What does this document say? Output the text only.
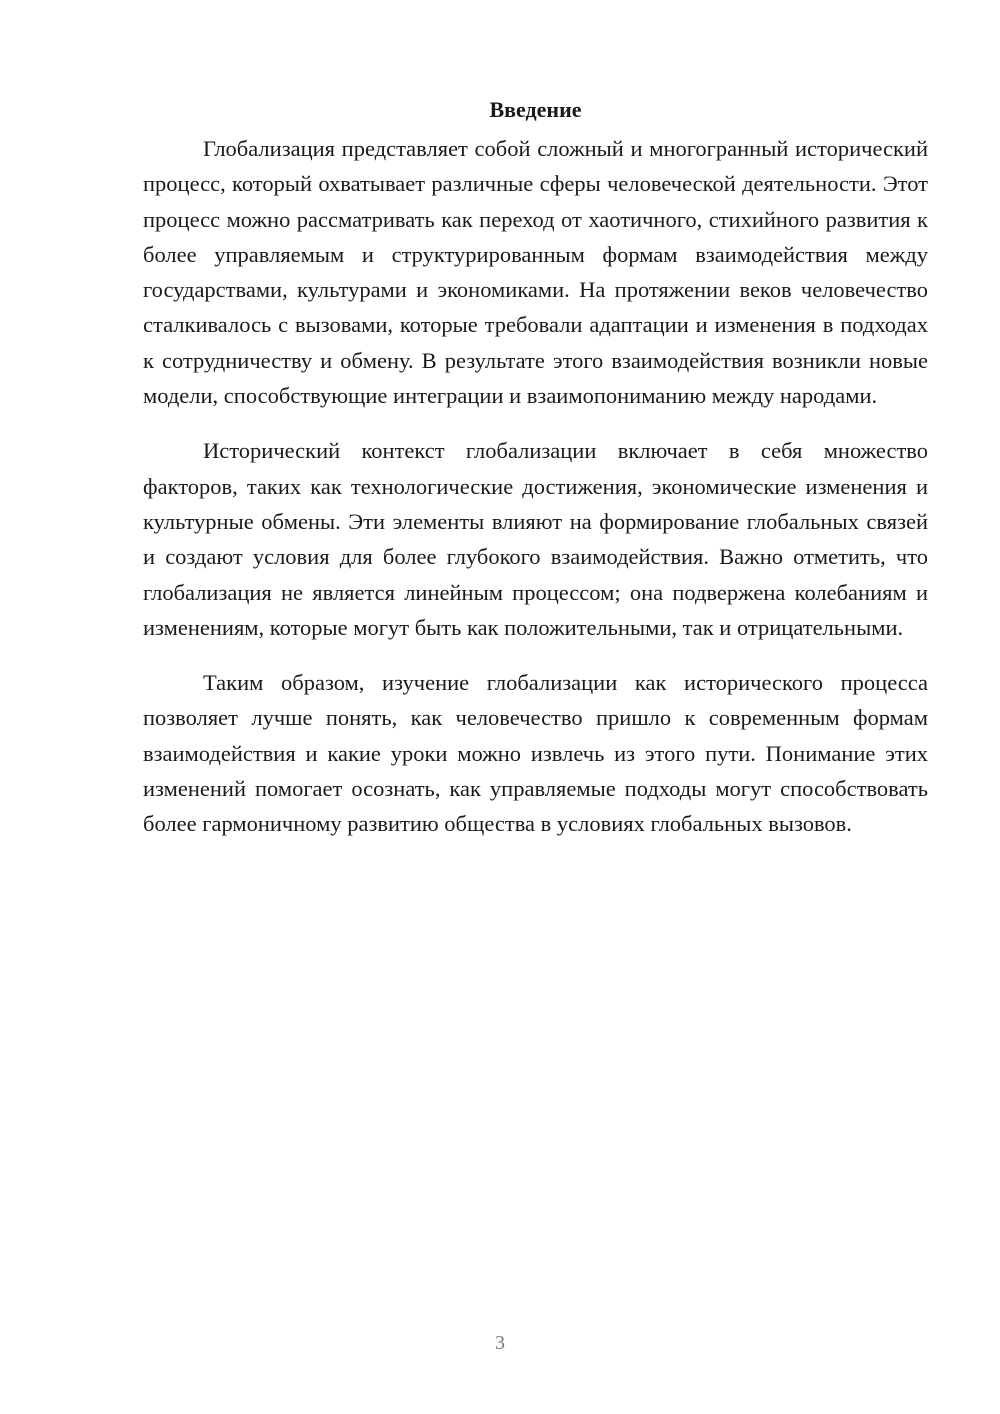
Введение

Глобализация представляет собой сложный и многогранный исторический процесс, который охватывает различные сферы человеческой деятельности. Этот процесс можно рассматривать как переход от хаотичного, стихийного развития к более управляемым и структурированным формам взаимодействия между государствами, культурами и экономиками. На протяжении веков человечество сталкивалось с вызовами, которые требовали адаптации и изменения в подходах к сотрудничеству и обмену. В результате этого взаимодействия возникли новые модели, способствующие интеграции и взаимопониманию между народами.

Исторический контекст глобализации включает в себя множество факторов, таких как технологические достижения, экономические изменения и культурные обмены. Эти элементы влияют на формирование глобальных связей и создают условия для более глубокого взаимодействия. Важно отметить, что глобализация не является линейным процессом; она подвержена колебаниям и изменениям, которые могут быть как положительными, так и отрицательными.

Таким образом, изучение глобализации как исторического процесса позволяет лучше понять, как человечество пришло к современным формам взаимодействия и какие уроки можно извлечь из этого пути. Понимание этих изменений помогает осознать, как управляемые подходы могут способствовать более гармоничному развитию общества в условиях глобальных вызовов.

3
